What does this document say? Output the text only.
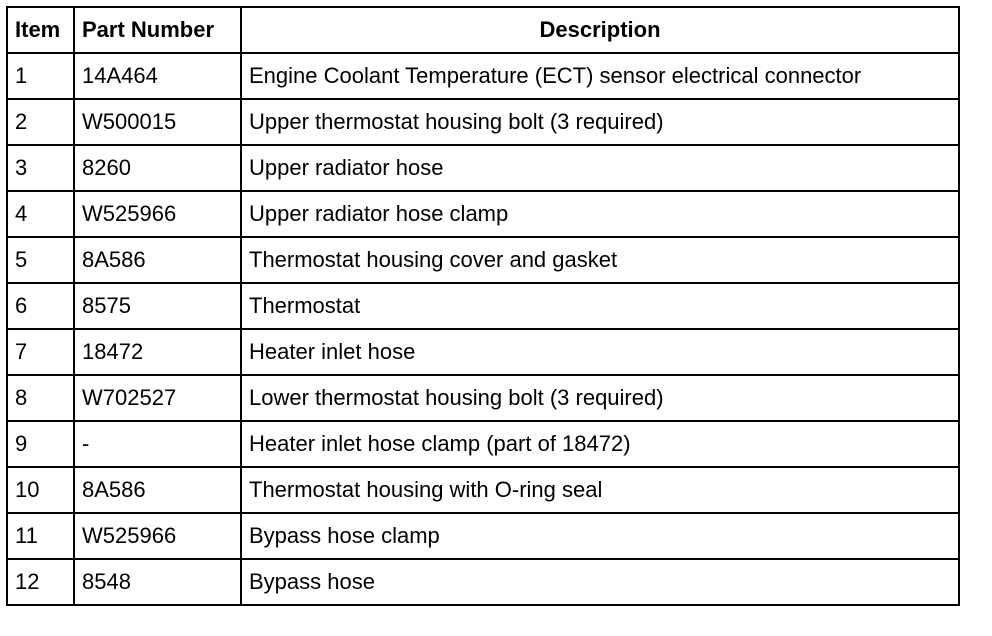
Item	Part Number	Description
1	14A464	Engine Coolant Temperature (ECT) sensor electrical connector
2	W500015	Upper thermostat housing bolt (3 required)
3	8260	Upper radiator hose
4	W525966	Upper radiator hose clamp
5	8A586	Thermostat housing cover and gasket
6	8575	Thermostat
7	18472	Heater inlet hose
8	W702527	Lower thermostat housing bolt (3 required)
9	-	Heater inlet hose clamp (part of 18472)
10	8A586	Thermostat housing with O-ring seal
11	W525966	Bypass hose clamp
12	8548	Bypass hose
